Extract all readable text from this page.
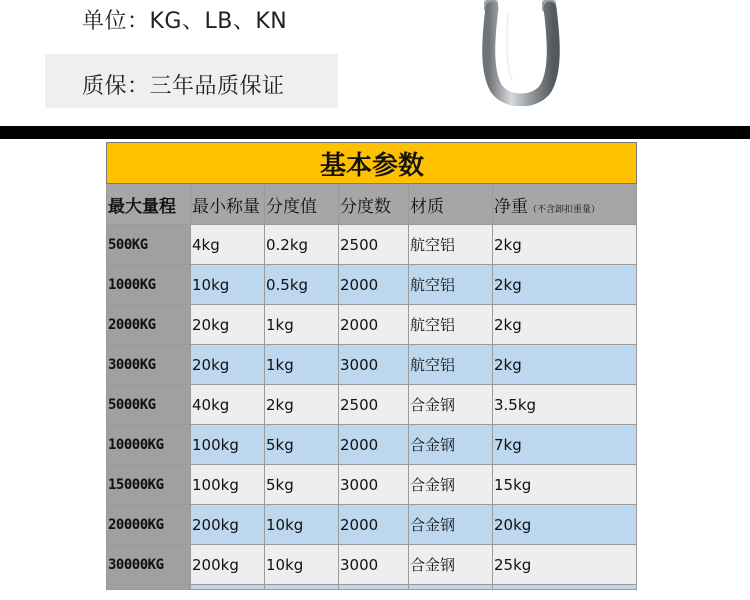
单位：KG、LB、KN
质保：三年品质保证
基本参数					
最大量程	最小称量	分度值	分度数	材质	净重（不含卸扣重量）
500KG	4kg	0.2kg	2500	航空铝	2kg
1000KG	10kg	0.5kg	2000	航空铝	2kg
2000KG	20kg	1kg	2000	航空铝	2kg
3000KG	20kg	1kg	3000	航空铝	2kg
5000KG	40kg	2kg	2500	合金钢	3.5kg
10000KG	100kg	5kg	2000	合金钢	7kg
15000KG	100kg	5kg	3000	合金钢	15kg
20000KG	200kg	10kg	2000	合金钢	20kg
30000KG	200kg	10kg	3000	合金钢	25kg
